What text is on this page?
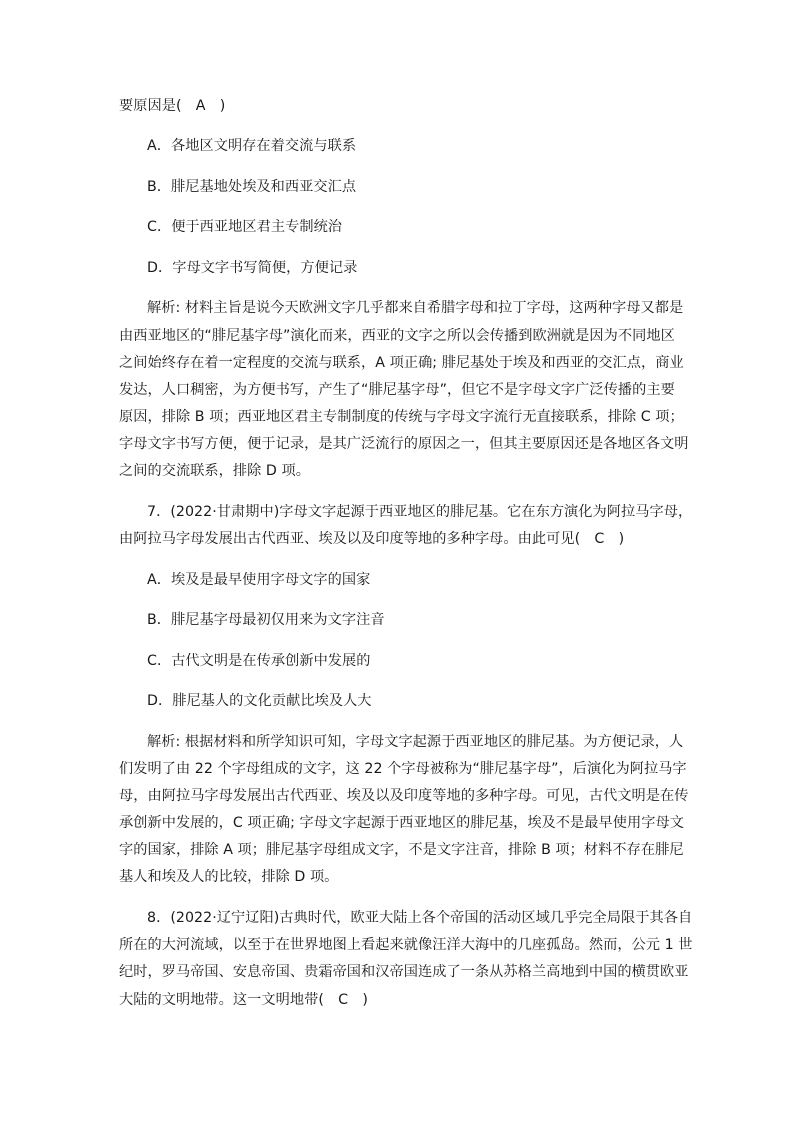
要原因是(　A　)
A．各地区文明存在着交流与联系
B．腓尼基地处埃及和西亚交汇点
C．便于西亚地区君主专制统治
D．字母文字书写简便，方便记录
解析: 材料主旨是说今天欧洲文字几乎都来自希腊字母和拉丁字母，这两种字母又都是
由西亚地区的“腓尼基字母”演化而来，西亚的文字之所以会传播到欧洲就是因为不同地区
之间始终存在着一定程度的交流与联系，A 项正确; 腓尼基处于埃及和西亚的交汇点，商业
发达，人口稠密，为方便书写，产生了“腓尼基字母”，但它不是字母文字广泛传播的主要
原因，排除 B 项；西亚地区君主专制制度的传统与字母文字流行无直接联系，排除 C 项；
字母文字书写方便，便于记录，是其广泛流行的原因之一，但其主要原因还是各地区各文明
之间的交流联系，排除 D 项。
7．(2022·甘肃期中)字母文字起源于西亚地区的腓尼基。它在东方演化为阿拉马字母，
由阿拉马字母发展出古代西亚、埃及以及印度等地的多种字母。由此可见(　C　)
A．埃及是最早使用字母文字的国家
B．腓尼基字母最初仅用来为文字注音
C．古代文明是在传承创新中发展的
D．腓尼基人的文化贡献比埃及人大
解析: 根据材料和所学知识可知，字母文字起源于西亚地区的腓尼基。为方便记录，人
们发明了由 22 个字母组成的文字，这 22 个字母被称为“腓尼基字母”，后演化为阿拉马字
母，由阿拉马字母发展出古代西亚、埃及以及印度等地的多种字母。可见，古代文明是在传
承创新中发展的，C 项正确; 字母文字起源于西亚地区的腓尼基，埃及不是最早使用字母文
字的国家，排除 A 项；腓尼基字母组成文字，不是文字注音，排除 B 项；材料不存在腓尼
基人和埃及人的比较，排除 D 项。
8．(2022·辽宁辽阳)古典时代，欧亚大陆上各个帝国的活动区域几乎完全局限于其各自
所在的大河流域，以至于在世界地图上看起来就像汪洋大海中的几座孤岛。然而，公元 1 世
纪时，罗马帝国、安息帝国、贵霜帝国和汉帝国连成了一条从苏格兰高地到中国的横贯欧亚
大陆的文明地带。这一文明地带(　C　)
